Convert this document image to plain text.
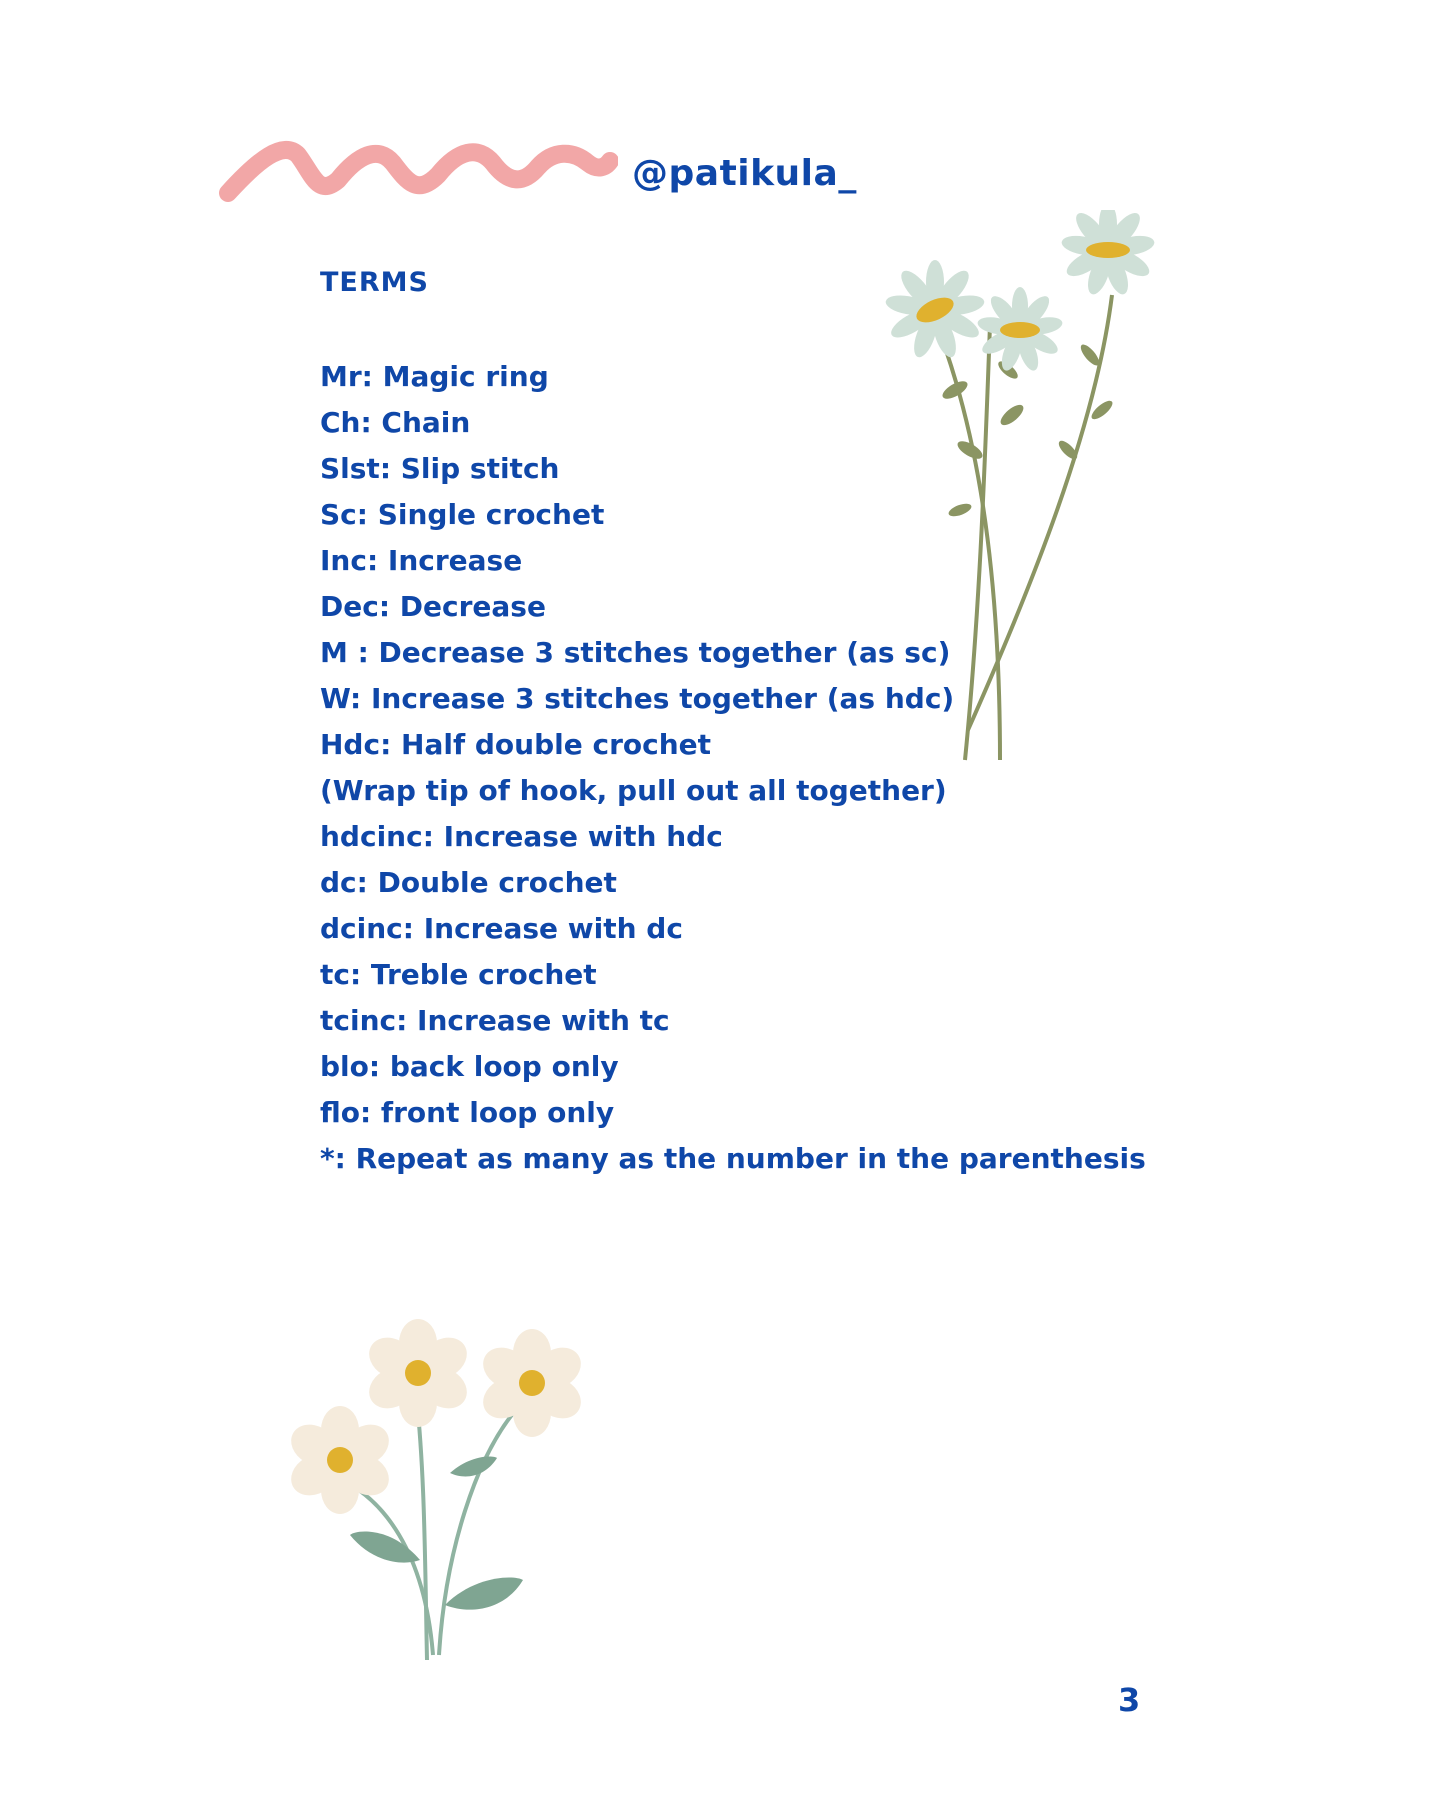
@patikula_
TERMS
Mr: Magic ring
Ch: Chain
Slst: Slip stitch
Sc: Single crochet
Inc: Increase
Dec: Decrease
M : Decrease 3 stitches together (as sc)
W: Increase 3 stitches together (as hdc)
Hdc: Half double crochet
(Wrap tip of hook, pull out all together)
hdcinc: Increase with hdc
dc: Double crochet
dcinc: Increase with dc
tc: Treble crochet
tcinc: Increase with tc
blo: back loop only
flo: front loop only
*: Repeat as many as the number in the parenthesis
3
